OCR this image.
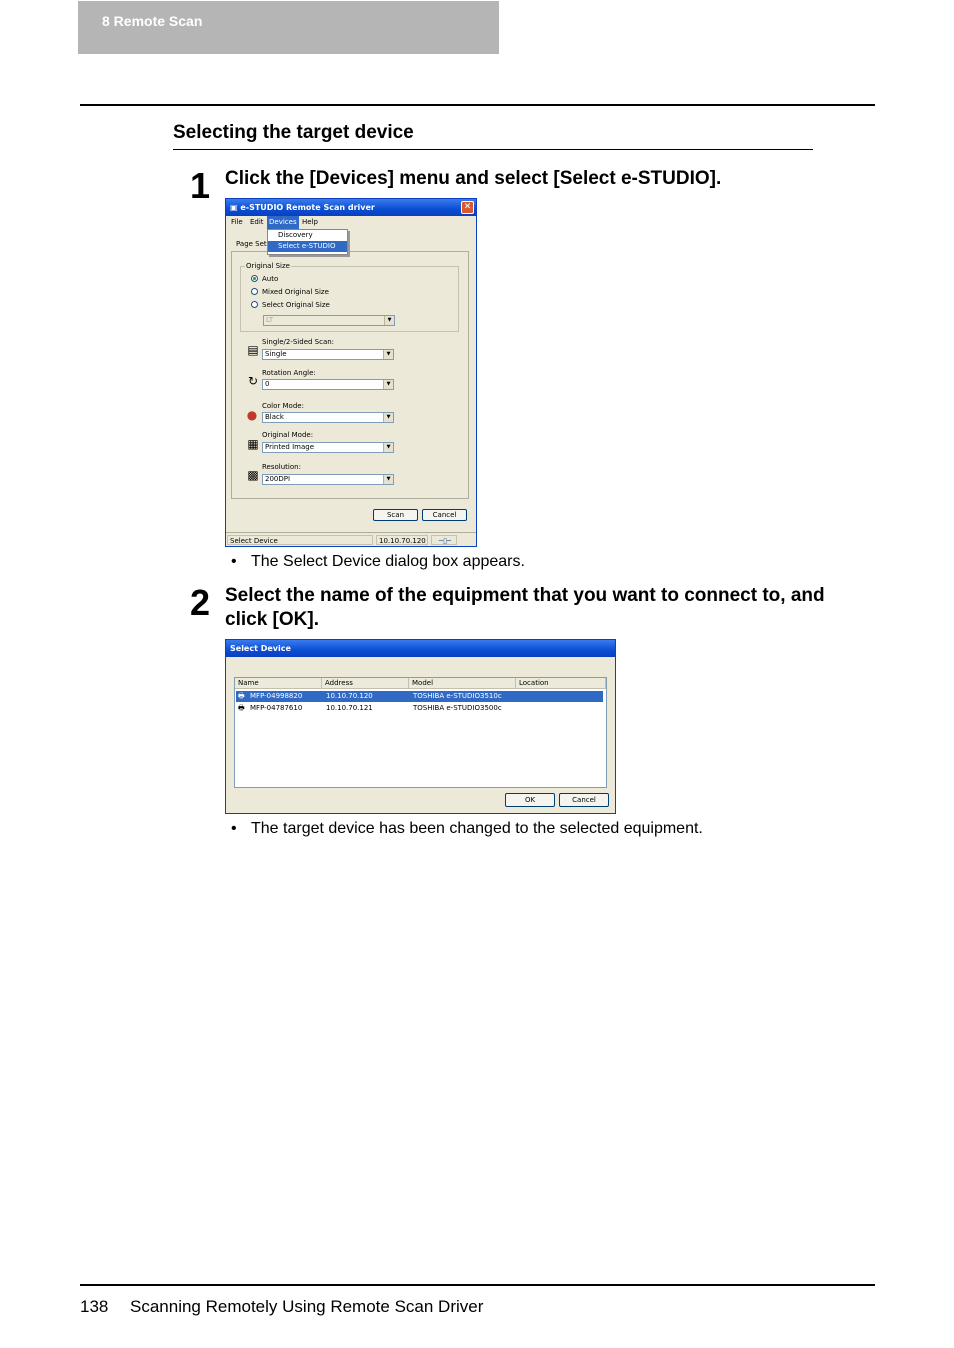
8 Remote Scan
Selecting the target device
1 Click the [Devices] menu and select [Select e-STUDIO].
▣ e-STUDIO Remote Scan driver	✕
File Edit Devices Help
Page Set
Original Size
Auto
Mixed Original Size
Select Original Size
LT	▼
▤
Single/2-Sided Scan:
Single	▼
↻
Rotation Angle:
0	▼
●
Color Mode:
Black	▼
▦
Original Mode:
Printed Image	▼
▩
Resolution:
200DPI	▼
Discovery
Select e-STUDIO
Scan	Cancel
Select Device	10.10.70.120	─▯─
• The Select Device dialog box appears.
2 Select the name of the equipment that you want to connect to, and
click [OK].
Select Device
Name	Address	Model	Location
🖶 MFP-04998820	10.10.70.120	TOSHIBA e-STUDIO3510c
🖶 MFP-04787610	10.10.70.121	TOSHIBA e-STUDIO3500c
OK	Cancel
• The target device has been changed to the selected equipment.
138 Scanning Remotely Using Remote Scan Driver
